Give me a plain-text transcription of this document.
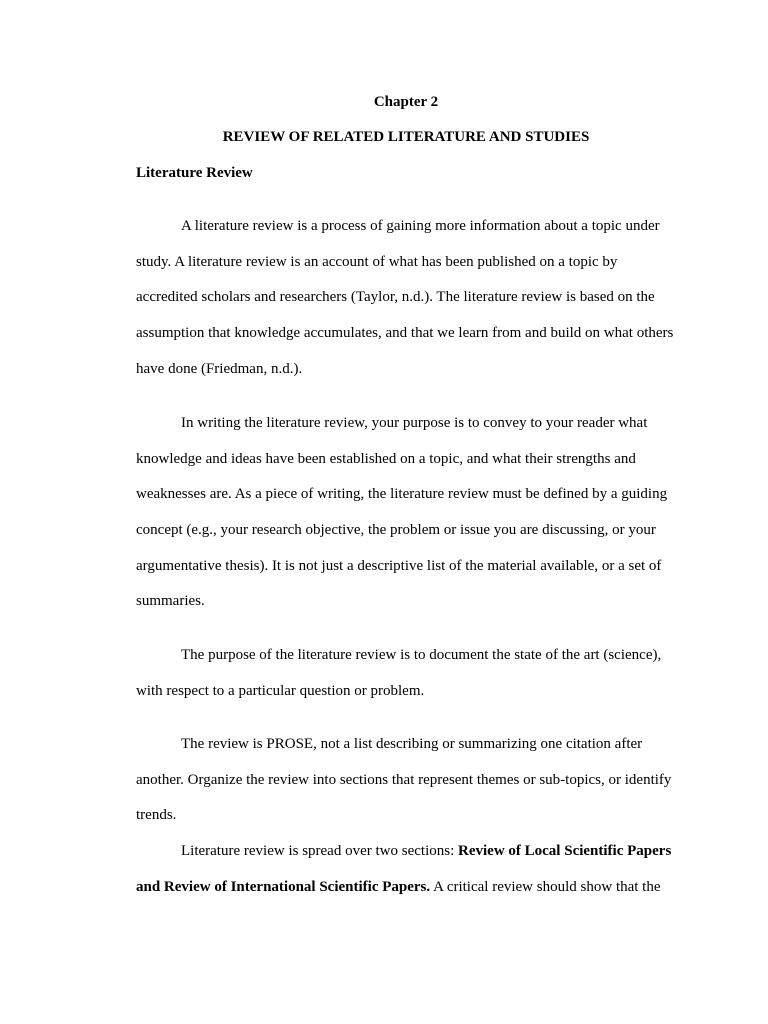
Chapter 2

REVIEW OF RELATED LITERATURE AND STUDIES

Literature Review

A literature review is a process of gaining more information about a topic under
study. A literature review is an account of what has been published on a topic by
accredited scholars and researchers (Taylor, n.d.). The literature review is based on the
assumption that knowledge accumulates, and that we learn from and build on what others
have done (Friedman, n.d.).
In writing the literature review, your purpose is to convey to your reader what
knowledge and ideas have been established on a topic, and what their strengths and
weaknesses are. As a piece of writing, the literature review must be defined by a guiding
concept (e.g., your research objective, the problem or issue you are discussing, or your
argumentative thesis). It is not just a descriptive list of the material available, or a set of
summaries.
The purpose of the literature review is to document the state of the art (science),
with respect to a particular question or problem.
The review is PROSE, not a list describing or summarizing one citation after
another. Organize the review into sections that represent themes or sub-topics, or identify
trends.
Literature review is spread over two sections: Review of Local Scientific Papers
and Review of International Scientific Papers. A critical review should show that the
